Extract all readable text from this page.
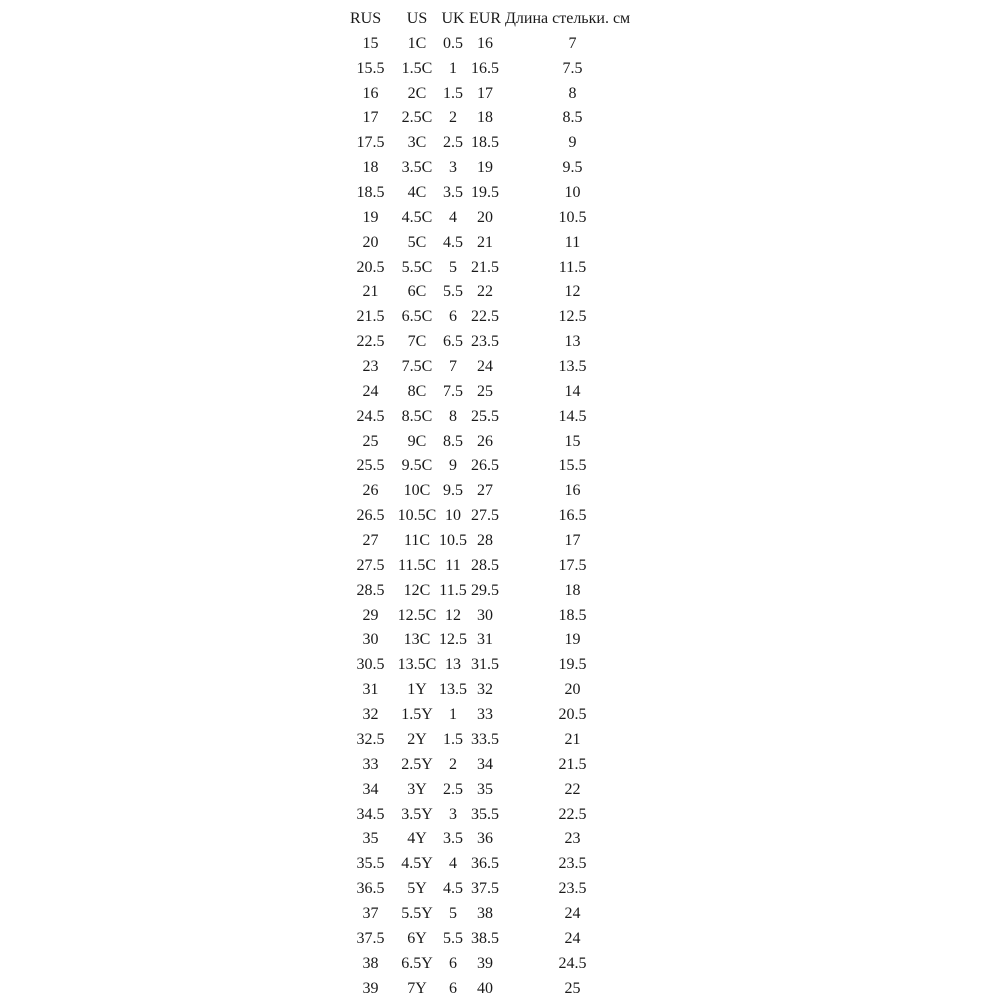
RUS	US	UK	EUR	Длина стельки. см
15	1C	0.5	16	7
15.5	1.5C	1	16.5	7.5
16	2C	1.5	17	8
17	2.5C	2	18	8.5
17.5	3C	2.5	18.5	9
18	3.5C	3	19	9.5
18.5	4C	3.5	19.5	10
19	4.5C	4	20	10.5
20	5C	4.5	21	11
20.5	5.5C	5	21.5	11.5
21	6C	5.5	22	12
21.5	6.5C	6	22.5	12.5
22.5	7C	6.5	23.5	13
23	7.5C	7	24	13.5
24	8C	7.5	25	14
24.5	8.5C	8	25.5	14.5
25	9C	8.5	26	15
25.5	9.5C	9	26.5	15.5
26	10C	9.5	27	16
26.5	10.5C	10	27.5	16.5
27	11C	10.5	28	17
27.5	11.5C	11	28.5	17.5
28.5	12C	11.5	29.5	18
29	12.5C	12	30	18.5
30	13C	12.5	31	19
30.5	13.5C	13	31.5	19.5
31	1Y	13.5	32	20
32	1.5Y	1	33	20.5
32.5	2Y	1.5	33.5	21
33	2.5Y	2	34	21.5
34	3Y	2.5	35	22
34.5	3.5Y	3	35.5	22.5
35	4Y	3.5	36	23
35.5	4.5Y	4	36.5	23.5
36.5	5Y	4.5	37.5	23.5
37	5.5Y	5	38	24
37.5	6Y	5.5	38.5	24
38	6.5Y	6	39	24.5
39	7Y	6	40	25
